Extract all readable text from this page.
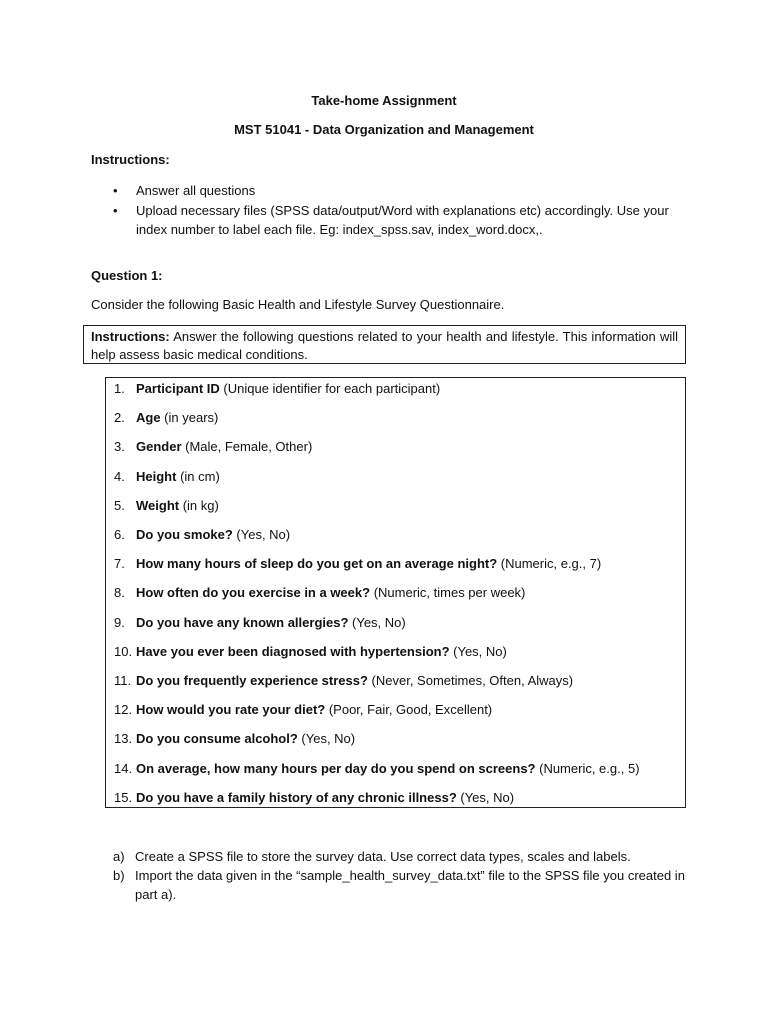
Take-home Assignment
MST 51041 - Data Organization and Management
Instructions:
• Answer all questions
• Upload necessary files (SPSS data/output/Word with explanations etc) accordingly. Use your index number to label each file. Eg: index_spss.sav, index_word.docx,.
Question 1:
Consider the following Basic Health and Lifestyle Survey Questionnaire.
Instructions: Answer the following questions related to your health and lifestyle. This information will help assess basic medical conditions.
1. Participant ID (Unique identifier for each participant)
2. Age (in years)
3. Gender (Male, Female, Other)
4. Height (in cm)
5. Weight (in kg)
6. Do you smoke? (Yes, No)
7. How many hours of sleep do you get on an average night? (Numeric, e.g., 7)
8. How often do you exercise in a week? (Numeric, times per week)
9. Do you have any known allergies? (Yes, No)
10. Have you ever been diagnosed with hypertension? (Yes, No)
11. Do you frequently experience stress? (Never, Sometimes, Often, Always)
12. How would you rate your diet? (Poor, Fair, Good, Excellent)
13. Do you consume alcohol? (Yes, No)
14. On average, how many hours per day do you spend on screens? (Numeric, e.g., 5)
15. Do you have a family history of any chronic illness? (Yes, No)
a) Create a SPSS file to store the survey data. Use correct data types, scales and labels.
b) Import the data given in the “sample_health_survey_data.txt” file to the SPSS file you created in part a).
